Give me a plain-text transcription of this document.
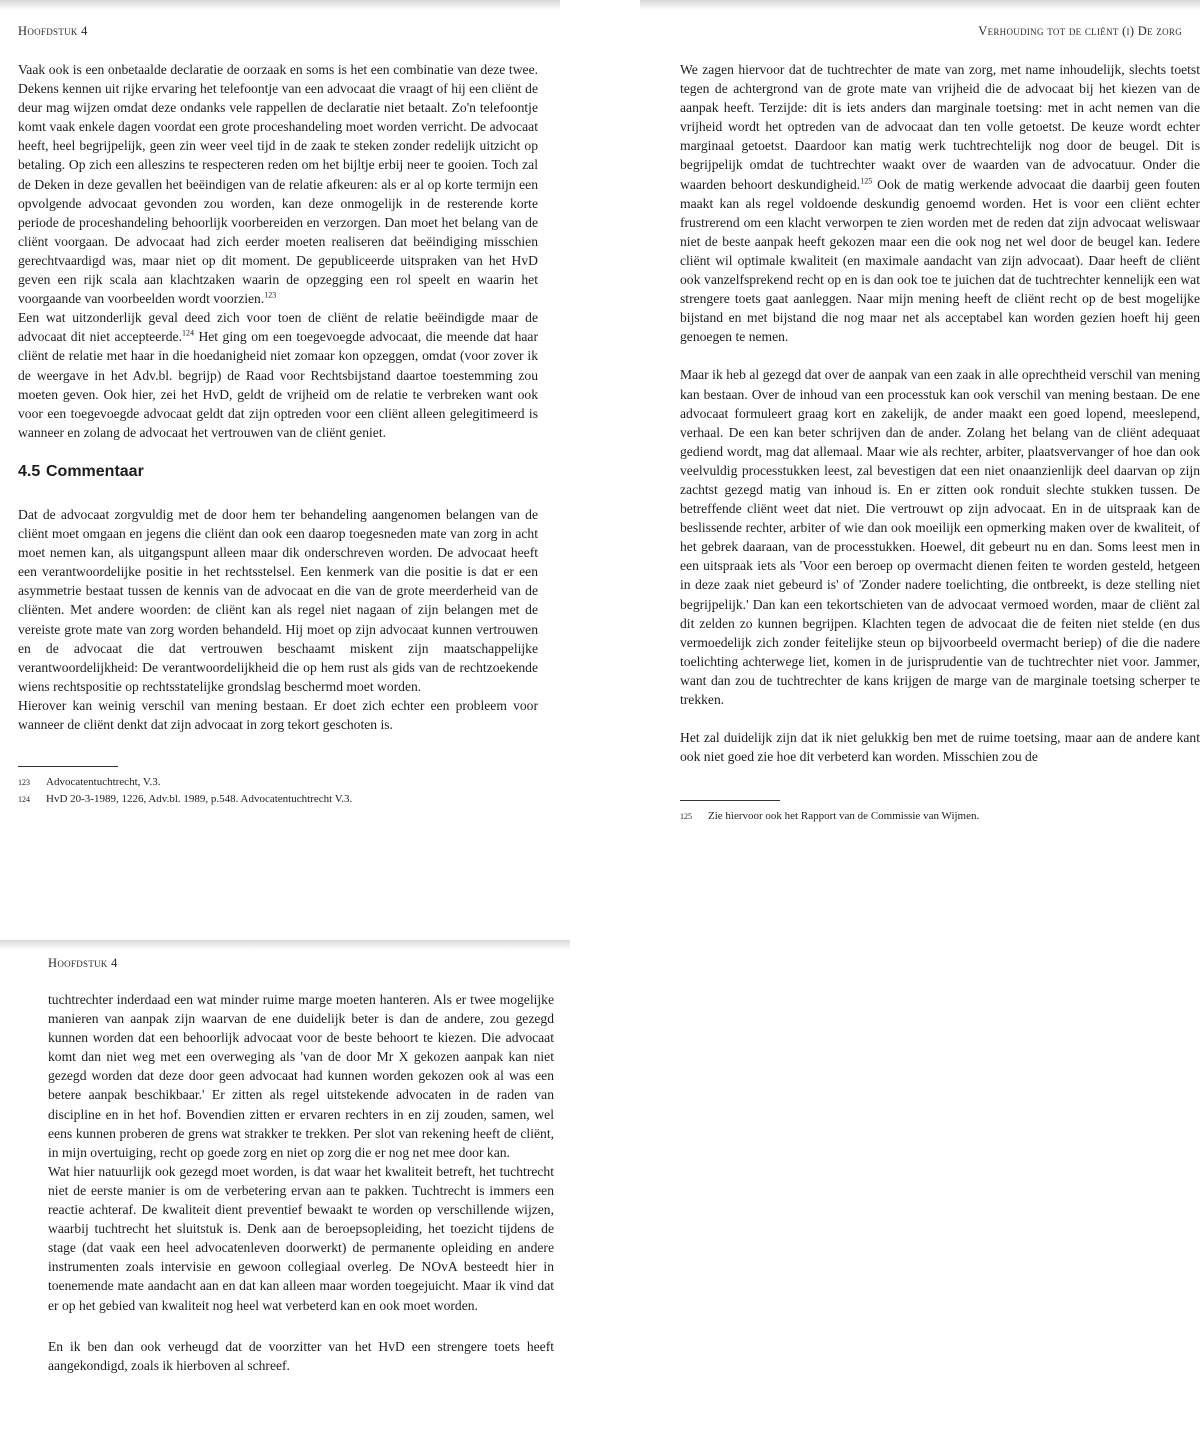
Hoofdstuk 4

Vaak ook is een onbetaalde declaratie de oorzaak en soms is het een combinatie van deze twee. Dekens kennen uit rijke ervaring het telefoontje van een advocaat die vraagt of hij een cliënt de deur mag wijzen omdat deze ondanks vele rappellen de declaratie niet betaalt. Zo'n telefoontje komt vaak enkele dagen voordat een grote proceshandeling moet worden verricht. De advocaat heeft, heel begrijpelijk, geen zin weer veel tijd in de zaak te steken zonder redelijk uitzicht op betaling. Op zich een alleszins te respecteren reden om het bijltje erbij neer te gooien. Toch zal de Deken in deze gevallen het beëindigen van de relatie afkeuren: als er al op korte termijn een opvolgende advocaat gevonden zou worden, kan deze onmogelijk in de resterende korte periode de proceshandeling behoorlijk voorbereiden en verzorgen. Dan moet het belang van de cliënt voorgaan. De advocaat had zich eerder moeten realiseren dat beëindiging misschien gerechtvaardigd was, maar niet op dit moment. De gepubliceerde uitspraken van het HvD geven een rijk scala aan klachtzaken waarin de opzegging een rol speelt en waarin het voorgaande van voorbeelden wordt voorzien.$^{123}$

Een wat uitzonderlijk geval deed zich voor toen de cliënt de relatie beëindigde maar de advocaat dit niet accepteerde.$^{124}$ Het ging om een toegevoegde advocaat, die meende dat haar cliënt de relatie met haar in die hoedanigheid niet zomaar kon opzeggen, omdat (voor zover ik de weergave in het Adv.bl. begrijp) de Raad voor Rechtsbijstand daartoe toestemming zou moeten geven. Ook hier, zei het HvD, geldt de vrijheid om de relatie te verbreken want ook voor een toegevoegde advocaat geldt dat zijn optreden voor een cliënt alleen gelegitimeerd is wanneer en zolang de advocaat het vertrouwen van de cliënt geniet.

4.5 Commentaar

Dat de advocaat zorgvuldig met de door hem ter behandeling aangenomen belangen van de cliënt moet omgaan en jegens die cliënt dan ook een daarop toegesneden mate van zorg in acht moet nemen kan, als uitgangspunt alleen maar dik onderschreven worden. De advocaat heeft een verantwoordelijke positie in het rechtsstelsel. Een kenmerk van die positie is dat er een asymmetrie bestaat tussen de kennis van de advocaat en die van de grote meerderheid van de cliënten. Met andere woorden: de cliënt kan als regel niet nagaan of zijn belangen met de vereiste grote mate van zorg worden behandeld. Hij moet op zijn advocaat kunnen vertrouwen en de advocaat die dat vertrouwen beschaamt miskent zijn maatschappelijke verantwoordelijkheid: De verantwoordelijkheid die op hem rust als gids van de rechtzoekende wiens rechtspositie op rechtsstatelijke grondslag beschermd moet worden.

Hierover kan weinig verschil van mening bestaan. Er doet zich echter een probleem voor wanneer de cliënt denkt dat zijn advocaat in zorg tekort geschoten is.

123	Advocatentuchtrecht, V.3.
124	HvD 20-3-1989, 1226, Adv.bl. 1989, p.548. Advocatentuchtrecht V.3.
Verhouding tot de cliënt (i) De zorg

We zagen hiervoor dat de tuchtrechter de mate van zorg, met name inhoudelijk, slechts toetst tegen de achtergrond van de grote mate van vrijheid die de advocaat bij het kiezen van de aanpak heeft. Terzijde: dit is iets anders dan marginale toetsing: met in acht nemen van die vrijheid wordt het optreden van de advocaat dan ten volle getoetst. De keuze wordt echter marginaal getoetst. Daardoor kan matig werk tuchtrechtelijk nog door de beugel. Dit is begrijpelijk omdat de tuchtrechter waakt over de waarden van de advocatuur. Onder die waarden behoort deskundigheid.$^{125}$ Ook de matig werkende advocaat die daarbij geen fouten maakt kan als regel voldoende deskundig genoemd worden. Het is voor een cliënt echter frustrerend om een klacht verworpen te zien worden met de reden dat zijn advocaat weliswaar niet de beste aanpak heeft gekozen maar een die ook nog net wel door de beugel kan. Iedere cliënt wil optimale kwaliteit (en maximale aandacht van zijn advocaat). Daar heeft de cliënt ook vanzelfsprekend recht op en is dan ook toe te juichen dat de tuchtrechter kennelijk een wat strengere toets gaat aanleggen. Naar mijn mening heeft de cliënt recht op de best mogelijke bijstand en met bijstand die nog maar net als acceptabel kan worden gezien hoeft hij geen genoegen te nemen.

Maar ik heb al gezegd dat over de aanpak van een zaak in alle oprechtheid verschil van mening kan bestaan. Over de inhoud van een processtuk kan ook verschil van mening bestaan. De ene advocaat formuleert graag kort en zakelijk, de ander maakt een goed lopend, meeslepend, verhaal. De een kan beter schrijven dan de ander. Zolang het belang van de cliënt adequaat gediend wordt, mag dat allemaal. Maar wie als rechter, arbiter, plaatsvervanger of hoe dan ook veelvuldig processtukken leest, zal bevestigen dat een niet onaanzienlijk deel daarvan op zijn zachtst gezegd matig van inhoud is. En er zitten ook ronduit slechte stukken tussen. De betreffende cliënt weet dat niet. Die vertrouwt op zijn advocaat. En in de uitspraak kan de beslissende rechter, arbiter of wie dan ook moeilijk een opmerking maken over de kwaliteit, of het gebrek daaraan, van de processtukken. Hoewel, dit gebeurt nu en dan. Soms leest men in een uitspraak iets als 'Voor een beroep op overmacht dienen feiten te worden gesteld, hetgeen in deze zaak niet gebeurd is' of 'Zonder nadere toelichting, die ontbreekt, is deze stelling niet begrijpelijk.' Dan kan een tekortschieten van de advocaat vermoed worden, maar de cliënt zal dit zelden zo kunnen begrijpen. Klachten tegen de advocaat die de feiten niet stelde (en dus vermoedelijk zich zonder feitelijke steun op bijvoorbeeld overmacht beriep) of die die nadere toelichting achterwege liet, komen in de jurisprudentie van de tuchtrechter niet voor. Jammer, want dan zou de tuchtrechter de kans krijgen de marge van de marginale toetsing scherper te trekken.

Het zal duidelijk zijn dat ik niet gelukkig ben met de ruime toetsing, maar aan de andere kant ook niet goed zie hoe dit verbeterd kan worden. Misschien zou de

125	Zie hiervoor ook het Rapport van de Commissie van Wijmen.
Hoofdstuk 4

tuchtrechter inderdaad een wat minder ruime marge moeten hanteren. Als er twee mogelijke manieren van aanpak zijn waarvan de ene duidelijk beter is dan de andere, zou gezegd kunnen worden dat een behoorlijk advocaat voor de beste behoort te kiezen. Die advocaat komt dan niet weg met een overweging als 'van de door Mr X gekozen aanpak kan niet gezegd worden dat deze door geen advocaat had kunnen worden gekozen ook al was een betere aanpak beschikbaar.' Er zitten als regel uitstekende advocaten in de raden van discipline en in het hof. Bovendien zitten er ervaren rechters in en zij zouden, samen, wel eens kunnen proberen de grens wat strakker te trekken. Per slot van rekening heeft de cliënt, in mijn overtuiging, recht op goede zorg en niet op zorg die er nog net mee door kan.

Wat hier natuurlijk ook gezegd moet worden, is dat waar het kwaliteit betreft, het tuchtrecht niet de eerste manier is om de verbetering ervan aan te pakken. Tuchtrecht is immers een reactie achteraf. De kwaliteit dient preventief bewaakt te worden op verschillende wijzen, waarbij tuchtrecht het sluitstuk is. Denk aan de beroepsopleiding, het toezicht tijdens de stage (dat vaak een heel advocatenleven doorwerkt) de permanente opleiding en andere instrumenten zoals intervisie en gewoon collegiaal overleg. De NOvA besteedt hier in toenemende mate aandacht aan en dat kan alleen maar worden toegejuicht. Maar ik vind dat er op het gebied van kwaliteit nog heel wat verbeterd kan en ook moet worden.

En ik ben dan ook verheugd dat de voorzitter van het HvD een strengere toets heeft aangekondigd, zoals ik hierboven al schreef.
